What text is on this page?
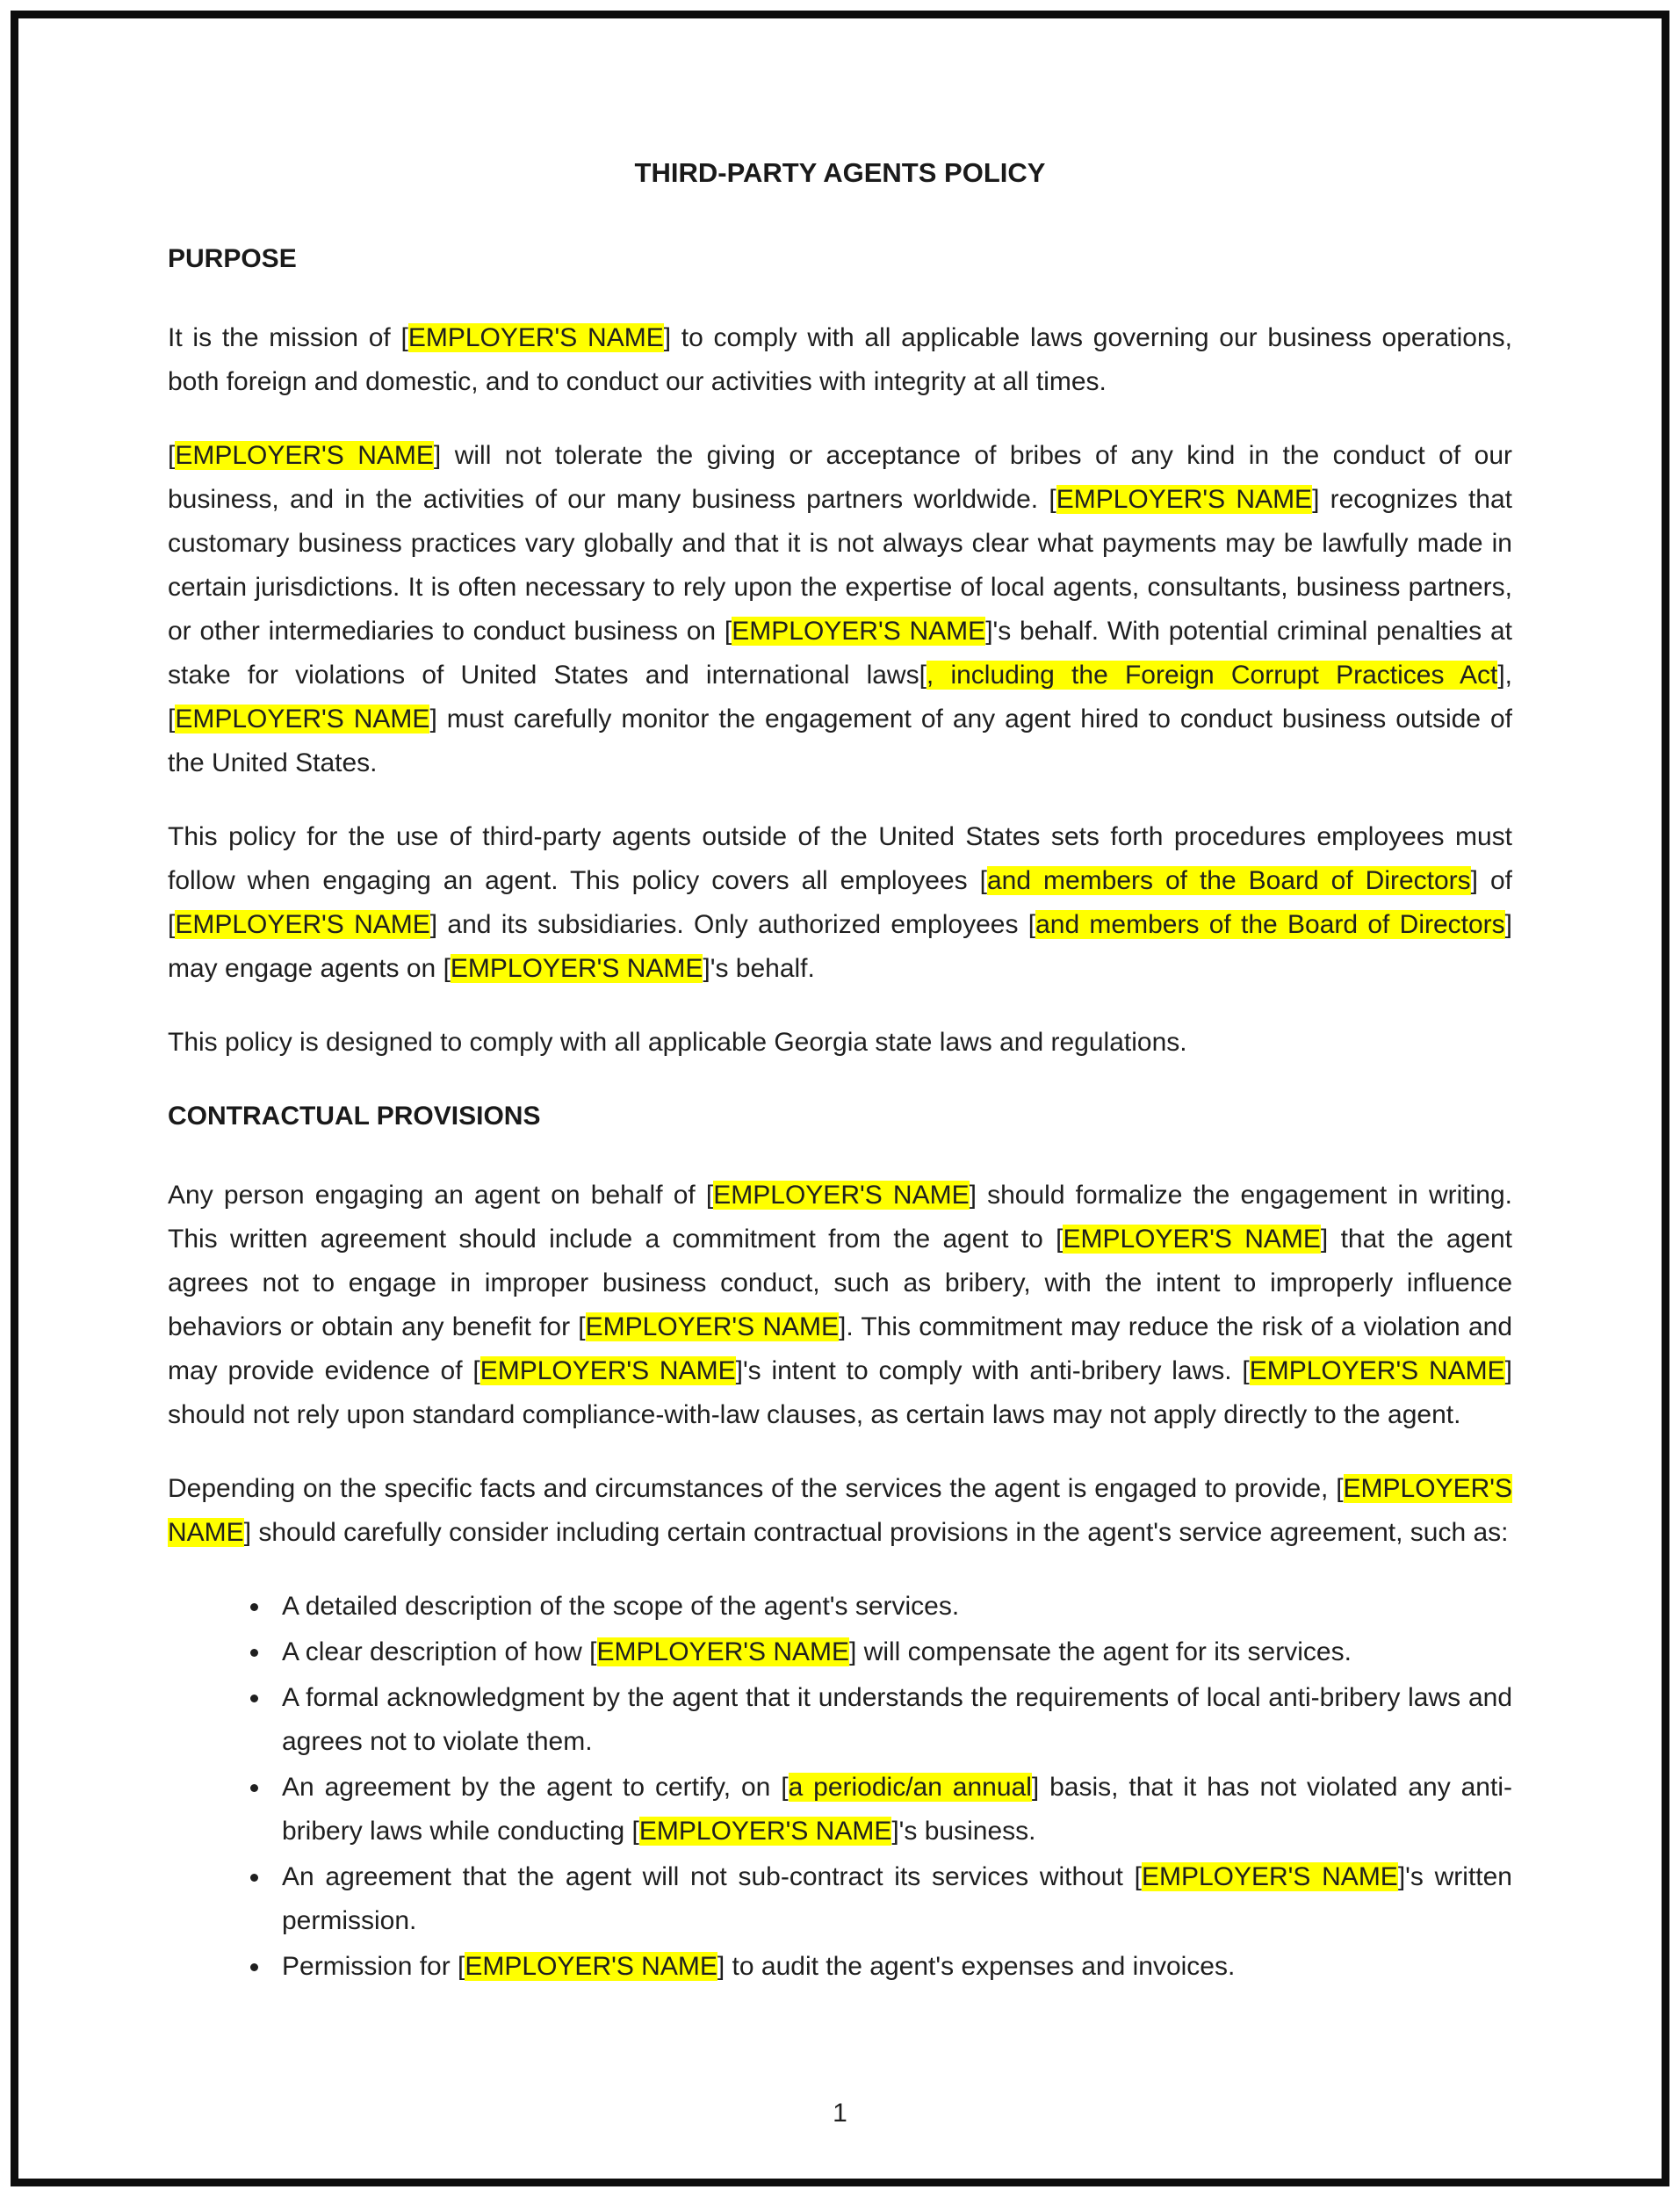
THIRD-PARTY AGENTS POLICY
PURPOSE

It is the mission of [EMPLOYER'S NAME] to comply with all applicable laws governing our business operations, both foreign and domestic, and to conduct our activities with integrity at all times.

[EMPLOYER'S NAME] will not tolerate the giving or acceptance of bribes of any kind in the conduct of our business, and in the activities of our many business partners worldwide. [EMPLOYER'S NAME] recognizes that customary business practices vary globally and that it is not always clear what payments may be lawfully made in certain jurisdictions. It is often necessary to rely upon the expertise of local agents, consultants, business partners, or other intermediaries to conduct business on [EMPLOYER'S NAME]'s behalf. With potential criminal penalties at stake for violations of United States and international laws[, including the Foreign Corrupt Practices Act], [EMPLOYER'S NAME] must carefully monitor the engagement of any agent hired to conduct business outside of the United States.

This policy for the use of third-party agents outside of the United States sets forth procedures employees must follow when engaging an agent. This policy covers all employees [and members of the Board of Directors] of [EMPLOYER'S NAME] and its subsidiaries. Only authorized employees [and members of the Board of Directors] may engage agents on [EMPLOYER'S NAME]'s behalf.

This policy is designed to comply with all applicable Georgia state laws and regulations.

CONTRACTUAL PROVISIONS

Any person engaging an agent on behalf of [EMPLOYER'S NAME] should formalize the engagement in writing. This written agreement should include a commitment from the agent to [EMPLOYER'S NAME] that the agent agrees not to engage in improper business conduct, such as bribery, with the intent to improperly influence behaviors or obtain any benefit for [EMPLOYER'S NAME]. This commitment may reduce the risk of a violation and may provide evidence of [EMPLOYER'S NAME]'s intent to comply with anti-bribery laws. [EMPLOYER'S NAME] should not rely upon standard compliance-with-law clauses, as certain laws may not apply directly to the agent.

Depending on the specific facts and circumstances of the services the agent is engaged to provide, [EMPLOYER'S NAME] should carefully consider including certain contractual provisions in the agent's service agreement, such as:

• A detailed description of the scope of the agent's services.
• A clear description of how [EMPLOYER'S NAME] will compensate the agent for its services.
• A formal acknowledgment by the agent that it understands the requirements of local anti-bribery laws and agrees not to violate them.
• An agreement by the agent to certify, on [a periodic/an annual] basis, that it has not violated any anti-bribery laws while conducting [EMPLOYER'S NAME]'s business.
• An agreement that the agent will not sub-contract its services without [EMPLOYER'S NAME]'s written permission.
• Permission for [EMPLOYER'S NAME] to audit the agent's expenses and invoices.
1
